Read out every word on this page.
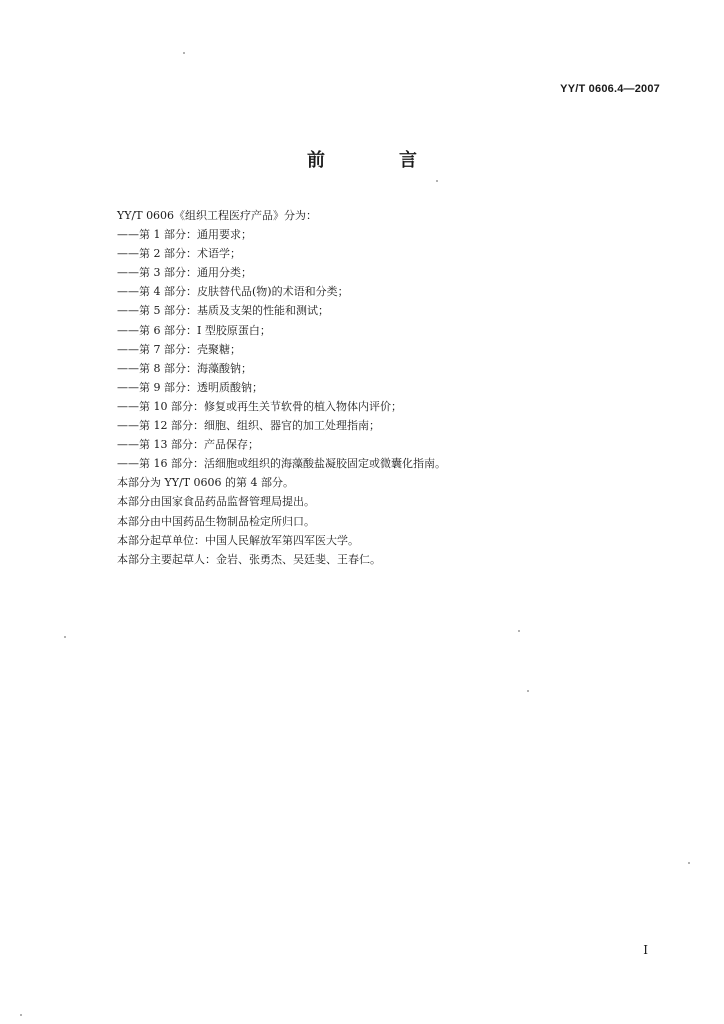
YY/T 0606.4—2007
前　言
YY/T 0606《组织工程医疗产品》分为：
——第 1 部分：通用要求；
——第 2 部分：术语学；
——第 3 部分：通用分类；
——第 4 部分：皮肤替代品(物)的术语和分类；
——第 5 部分：基质及支架的性能和测试；
——第 6 部分：I 型胶原蛋白；
——第 7 部分：壳聚糖；
——第 8 部分：海藻酸钠；
——第 9 部分：透明质酸钠；
——第 10 部分：修复或再生关节软骨的植入物体内评价；
——第 12 部分：细胞、组织、器官的加工处理指南；
——第 13 部分：产品保存；
——第 16 部分：活细胞或组织的海藻酸盐凝胶固定或微囊化指南。
本部分为 YY/T 0606 的第 4 部分。
本部分由国家食品药品监督管理局提出。
本部分由中国药品生物制品检定所归口。
本部分起草单位：中国人民解放军第四军医大学。
本部分主要起草人：金岩、张勇杰、吴廷斐、王春仁。
I
